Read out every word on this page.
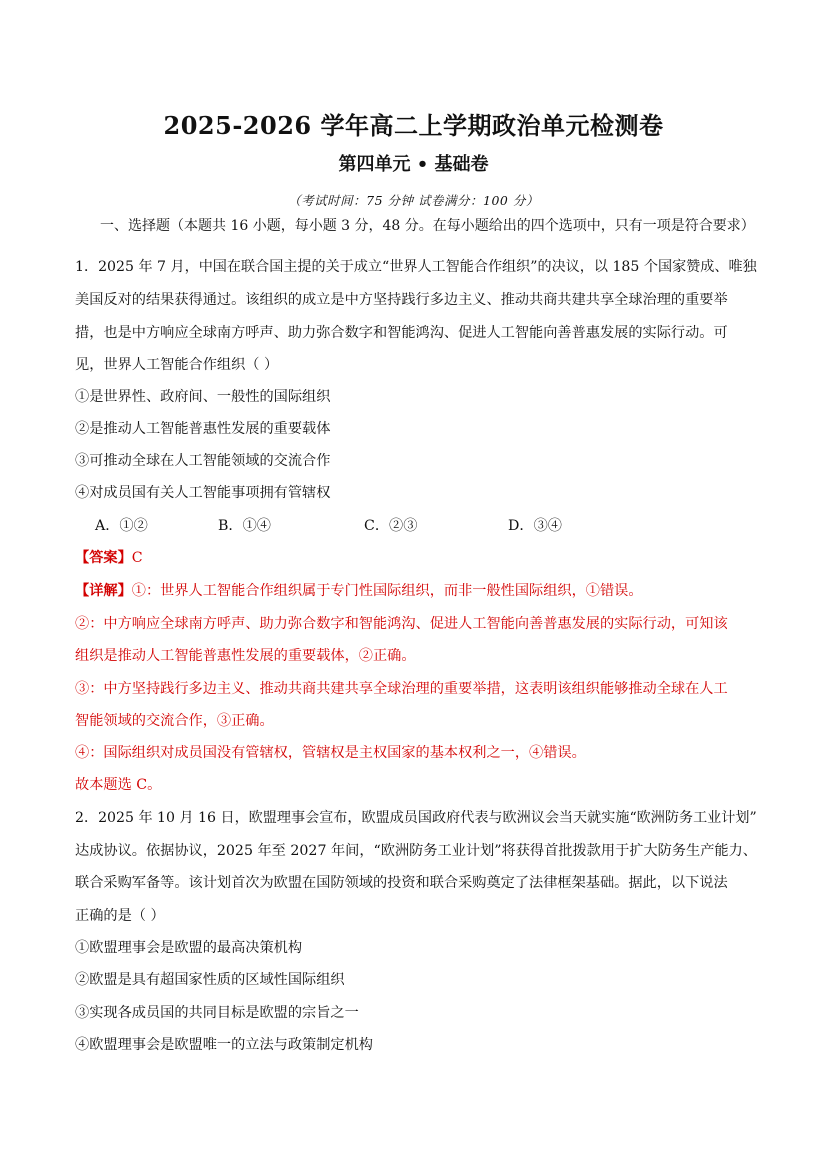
2025-2026 学年高二上学期政治单元检测卷
第四单元 • 基础卷
（考试时间：75 分钟 试卷满分：100 分）
一、选择题（本题共 16 小题，每小题 3 分，48 分。在每小题给出的四个选项中，只有一项是符合要求）
1．2025 年 7 月，中国在联合国主提的关于成立“世界人工智能合作组织”的决议，以 185 个国家赞成、唯独
美国反对的结果获得通过。该组织的成立是中方坚持践行多边主义、推动共商共建共享全球治理的重要举
措，也是中方响应全球南方呼声、助力弥合数字和智能鸿沟、促进人工智能向善普惠发展的实际行动。可
见，世界人工智能合作组织（ ）
①是世界性、政府间、一般性的国际组织
②是推动人工智能普惠性发展的重要载体
③可推动全球在人工智能领域的交流合作
④对成员国有关人工智能事项拥有管辖权
A．①②	B．①④	C．②③	D．③④
【答案】C
【详解】①：世界人工智能合作组织属于专门性国际组织，而非一般性国际组织，①错误。
②：中方响应全球南方呼声、助力弥合数字和智能鸿沟、促进人工智能向善普惠发展的实际行动，可知该
组织是推动人工智能普惠性发展的重要载体，②正确。
③：中方坚持践行多边主义、推动共商共建共享全球治理的重要举措，这表明该组织能够推动全球在人工
智能领域的交流合作，③正确。
④：国际组织对成员国没有管辖权，管辖权是主权国家的基本权利之一，④错误。
故本题选 C。
2．2025 年 10 月 16 日，欧盟理事会宣布，欧盟成员国政府代表与欧洲议会当天就实施“欧洲防务工业计划”
达成协议。依据协议，2025 年至 2027 年间，“欧洲防务工业计划”将获得首批拨款用于扩大防务生产能力、
联合采购军备等。该计划首次为欧盟在国防领域的投资和联合采购奠定了法律框架基础。据此，以下说法
正确的是（ ）
①欧盟理事会是欧盟的最高决策机构
②欧盟是具有超国家性质的区域性国际组织
③实现各成员国的共同目标是欧盟的宗旨之一
④欧盟理事会是欧盟唯一的立法与政策制定机构
